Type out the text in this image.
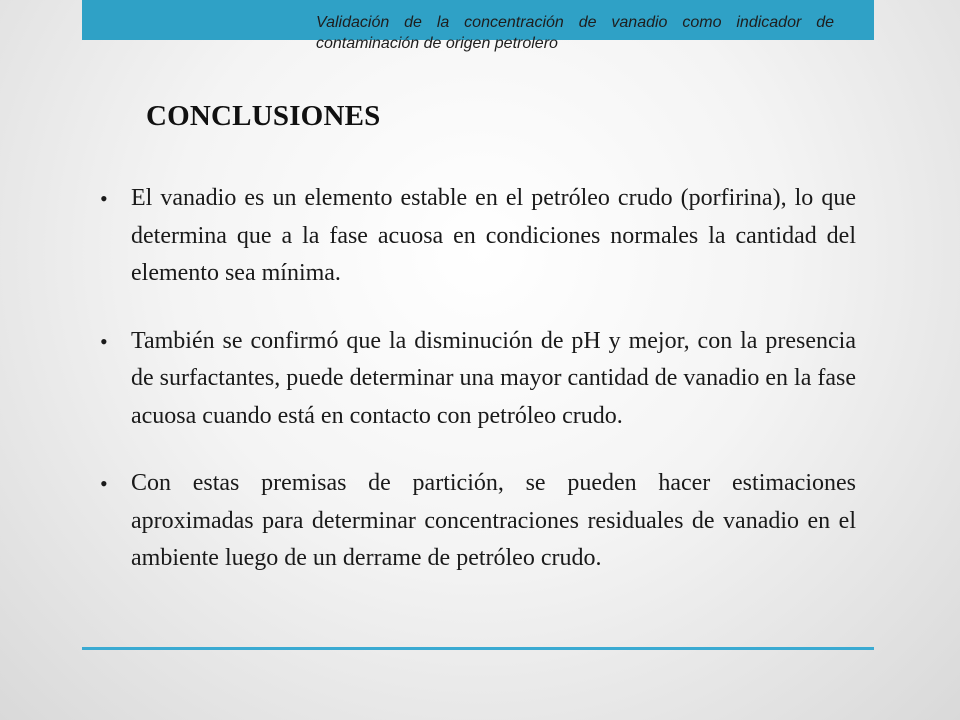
Validación de la concentración de vanadio como indicador de contaminación de origen petrolero
CONCLUSIONES
• El vanadio es un elemento estable en el petróleo crudo (porfirina), lo que determina que a la fase acuosa en condiciones normales la cantidad del elemento sea mínima.
• También se confirmó que la disminución de pH y mejor, con la presencia de surfactantes, puede determinar una mayor cantidad de vanadio en la fase acuosa cuando está en contacto con petróleo crudo.
• Con estas premisas de partición, se pueden hacer estimaciones aproximadas para determinar concentraciones residuales de vanadio en el ambiente luego de un derrame de petróleo crudo.
